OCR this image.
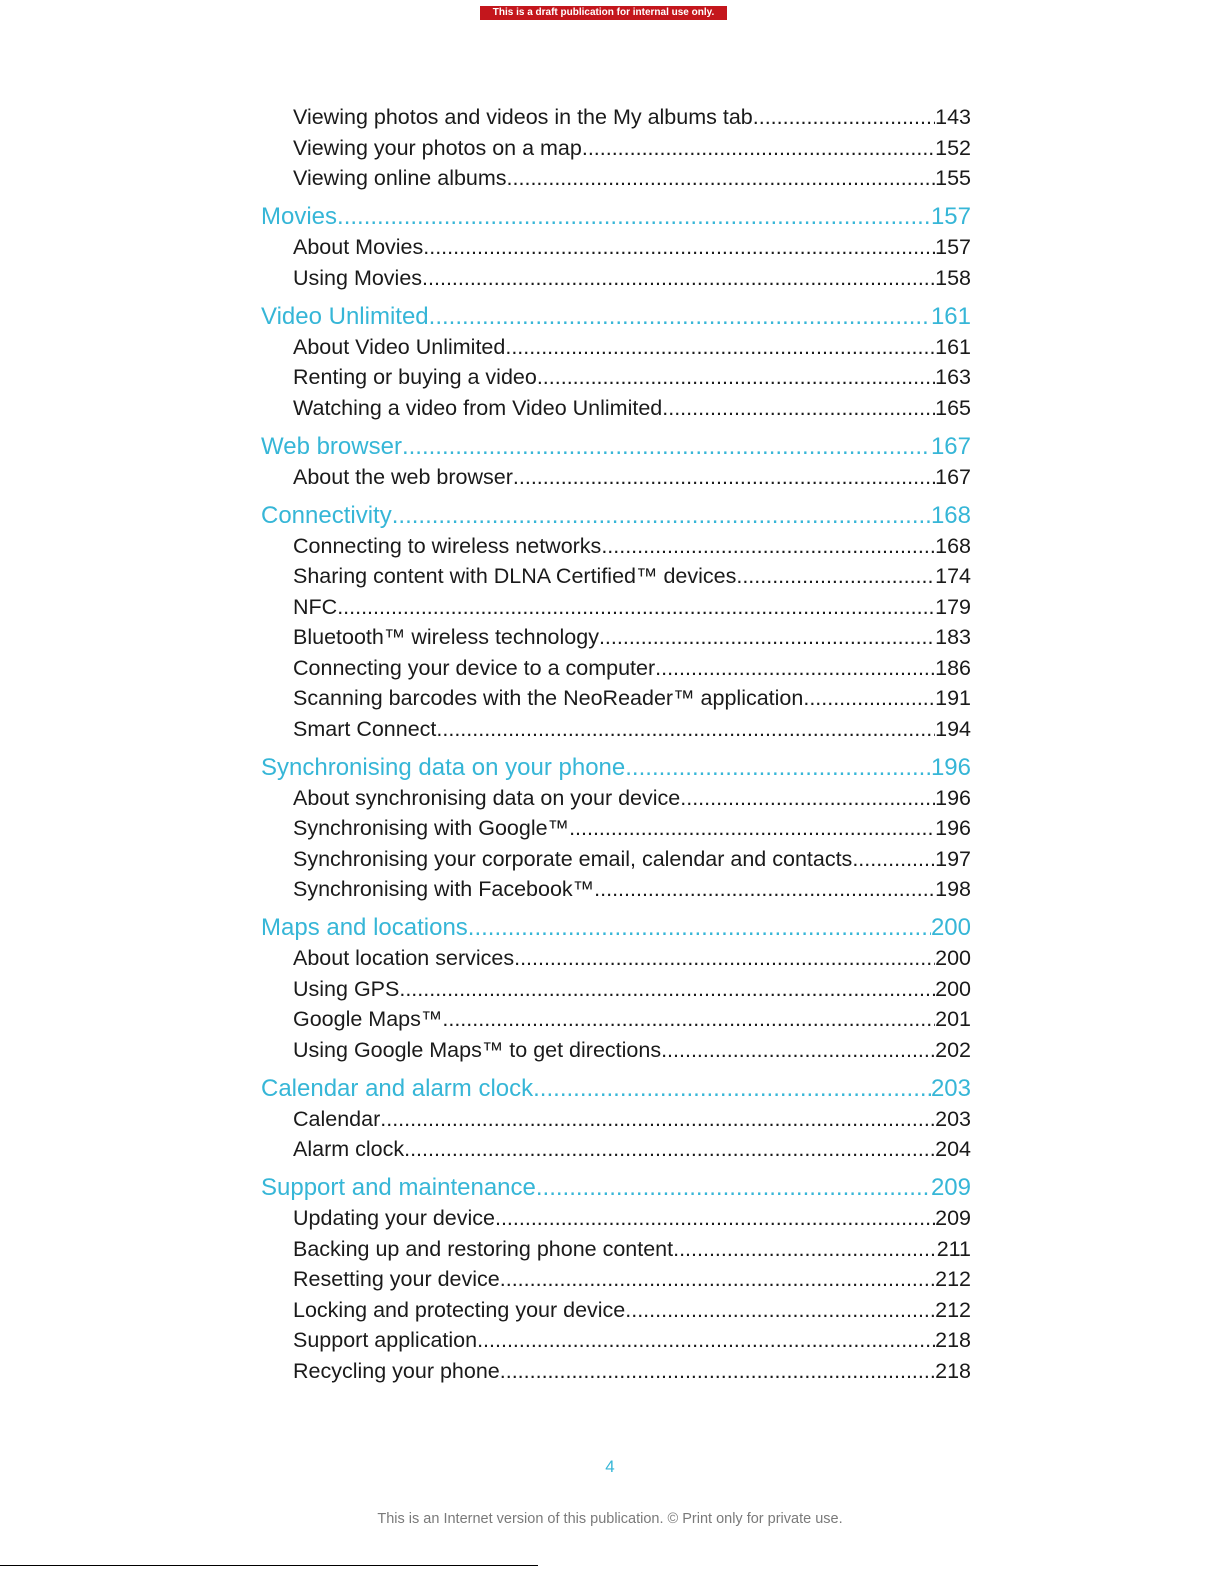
This is a draft publication for internal use only.
Viewing photos and videos in the My albums tab .....	143
Viewing your photos on a map .....	152
Viewing online albums .....	155
Movies .....	157
About Movies .....	157
Using Movies .....	158
Video Unlimited .....	161
About Video Unlimited .....	161
Renting or buying a video .....	163
Watching a video from Video Unlimited .....	165
Web browser .....	167
About the web browser .....	167
Connectivity .....	168
Connecting to wireless networks .....	168
Sharing content with DLNA Certified™ devices .....	174
NFC .....	179
Bluetooth™ wireless technology .....	183
Connecting your device to a computer .....	186
Scanning barcodes with the NeoReader™ application .....	191
Smart Connect .....	194
Synchronising data on your phone .....	196
About synchronising data on your device .....	196
Synchronising with Google™ .....	196
Synchronising your corporate email, calendar and contacts .....	197
Synchronising with Facebook™ .....	198
Maps and locations .....	200
About location services .....	200
Using GPS .....	200
Google Maps™ .....	201
Using Google Maps™ to get directions .....	202
Calendar and alarm clock .....	203
Calendar .....	203
Alarm clock .....	204
Support and maintenance .....	209
Updating your device .....	209
Backing up and restoring phone content .....	211
Resetting your device .....	212
Locking and protecting your device .....	212
Support application .....	218
Recycling your phone .....	218
4
This is an Internet version of this publication. © Print only for private use.
